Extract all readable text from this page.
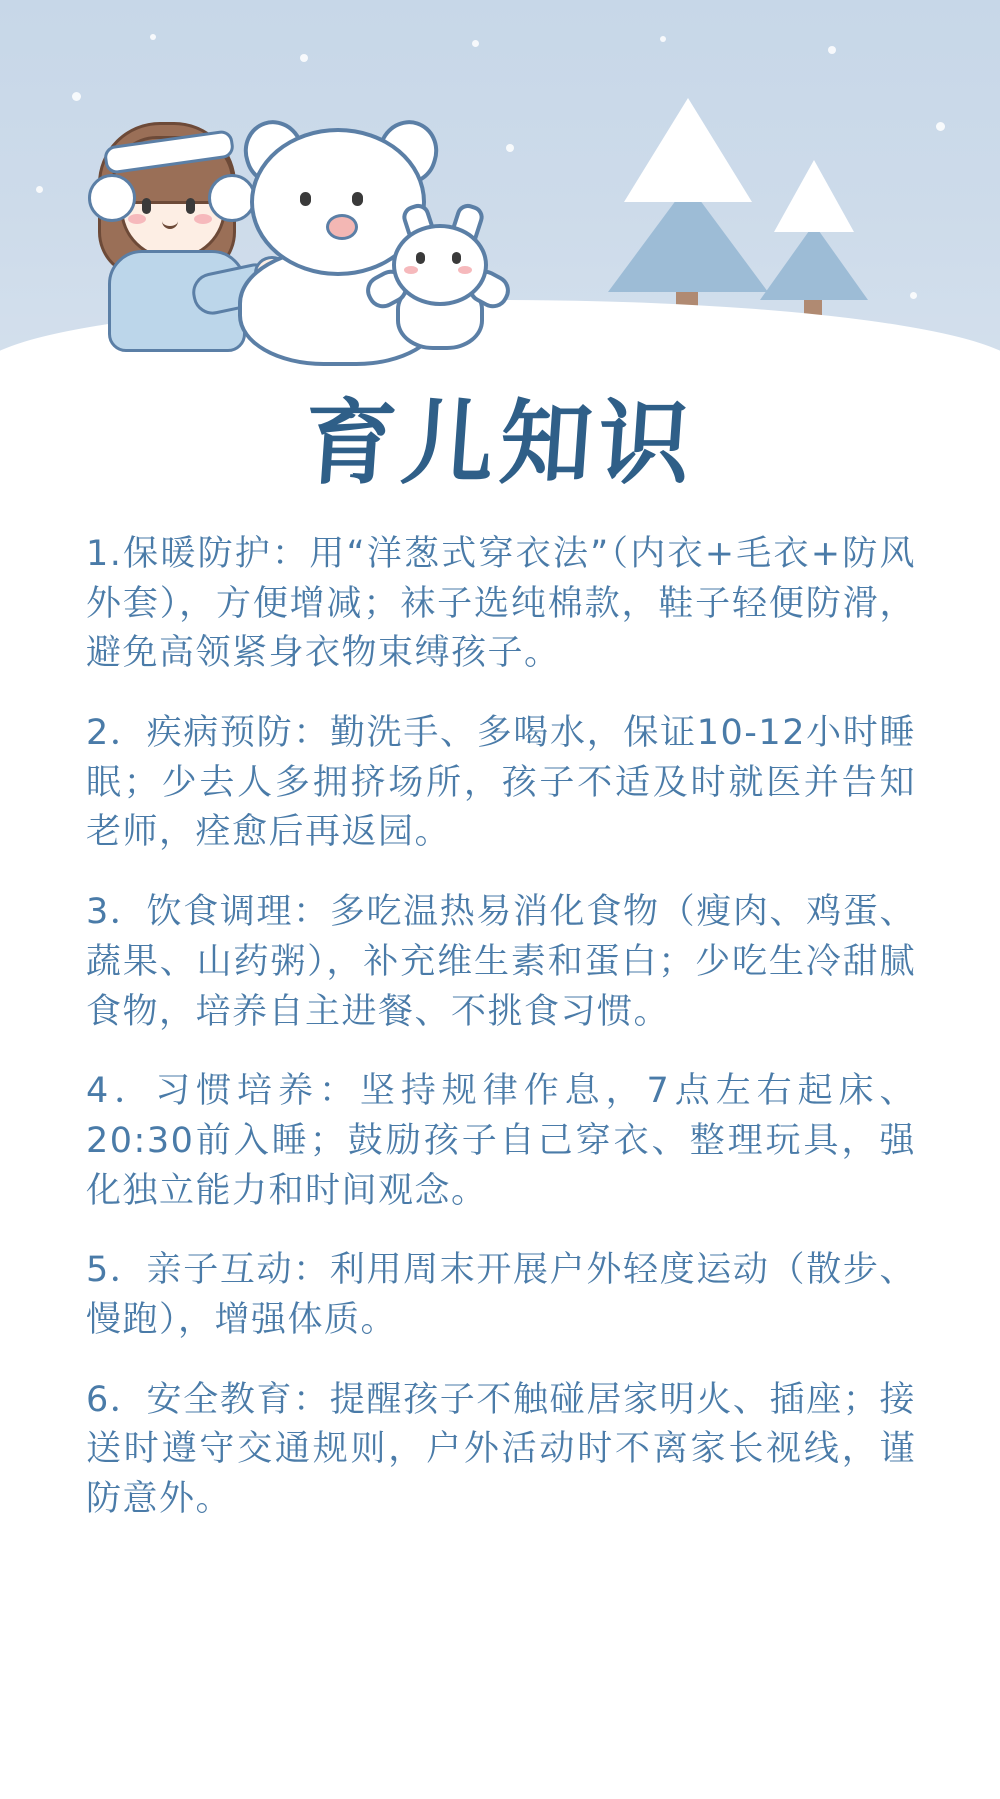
育儿知识

1.保暖防护：用“洋葱式穿衣法”（内衣+毛衣+防风外套），方便增减；袜子选纯棉款，鞋子轻便防滑，避免高领紧身衣物束缚孩子。

2．疾病预防：勤洗手、多喝水，保证10-12小时睡眠；少去人多拥挤场所，孩子不适及时就医并告知老师，痊愈后再返园。

3．饮食调理：多吃温热易消化食物（瘦肉、鸡蛋、蔬果、山药粥），补充维生素和蛋白；少吃生冷甜腻食物，培养自主进餐、不挑食习惯。

4．习惯培养：坚持规律作息，7点左右起床、20:30前入睡；鼓励孩子自己穿衣、整理玩具，强化独立能力和时间观念。

5．亲子互动：利用周末开展户外轻度运动（散步、慢跑），增强体质。

6．安全教育：提醒孩子不触碰居家明火、插座；接送时遵守交通规则，户外活动时不离家长视线，谨防意外。
